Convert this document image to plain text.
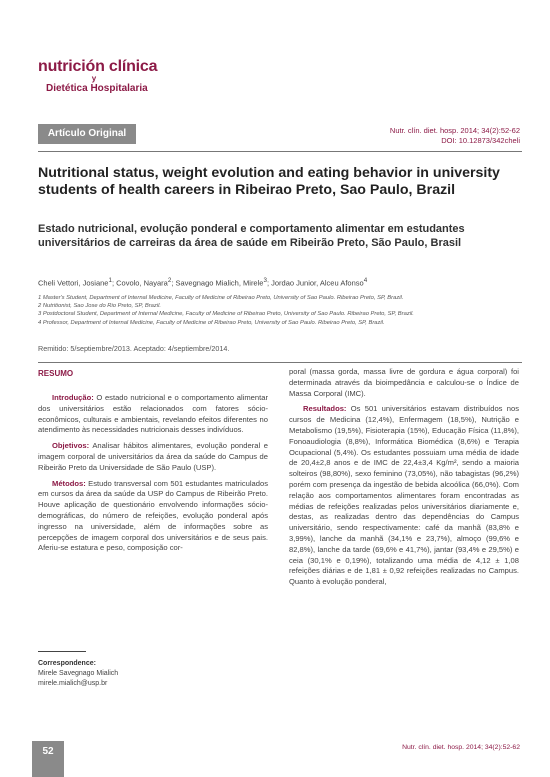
nutrición clínica
y
Dietética Hospitalaria
Artículo Original	Nutr. clín. diet. hosp. 2014; 34(2):52-62
DOI: 10.12873/342cheli
Nutritional status, weight evolution and eating behavior in university students of health careers in Ribeirao Preto, Sao Paulo, Brazil
Estado nutricional, evolução ponderal e comportamento alimentar em estudantes universitários de carreiras da área de saúde em Ribeirão Preto, São Paulo, Brasil
Cheli Vettori, Josiane$^1$; Covolo, Nayara$^2$; Savegnago Mialich, Mirele$^3$; Jordao Junior, Alceu Afonso$^4$
1 Master's Student, Department of Internal Medicine, Faculty of Medicine of Ribeirao Preto, University of Sao Paulo. Ribeirao Preto, SP, Brazil.
2 Nutritionist, Sao Jose do Rio Preto, SP, Brazil.
3 Postdoctoral Student, Department of Internal Medicine, Faculty of Medicine of Ribeirao Preto, University of Sao Paulo. Ribeirao Preto, SP, Brazil.
4 Professor, Department of Internal Medicine, Faculty of Medicine of Ribeirao Preto, University of Sao Paulo. Ribeirao Preto, SP, Brazil.
Remitido: 5/septiembre/2013. Aceptado: 4/septiembre/2014.
RESUMO

Introdução: O estado nutricional e o comportamento alimentar dos universitários estão relacionados com fatores sócio-econômicos, culturais e ambientais, revelando efeitos diferentes no atendimento às necessidades nutricionais desses indivíduos.

Objetivos: Analisar hábitos alimentares, evolução ponderal e imagem corporal de universitários da área da saúde do Campus de Ribeirão Preto da Universidade de São Paulo (USP).

Métodos: Estudo transversal com 501 estudantes matriculados em cursos da área da saúde da USP do Campus de Ribeirão Preto. Houve aplicação de questionário envolvendo informações sócio-demográficas, do número de refeições, evolução ponderal após ingresso na universidade, além de informações sobre as percepções de imagem corporal dos universitários e de seus pais. Aferiu-se estatura e peso, composição cor-

poral (massa gorda, massa livre de gordura e água corporal) foi determinada através da bioimpedância e calculou-se o Índice de Massa Corporal (IMC).

Resultados: Os 501 universitários estavam distribuídos nos cursos de Medicina (12,4%), Enfermagem (18,5%), Nutrição e Metabolismo (19,5%), Fisioterapia (15%), Educação Física (11,8%), Fonoaudiologia (8,8%), Informática Biomédica (8,6%) e Terapia Ocupacional (5,4%). Os estudantes possuiam uma média de idade de 20,4±2,8 anos e de IMC de 22,4±3,4 Kg/m², sendo a maioria solteiros (98,80%), sexo feminino (73,05%), não tabagistas (96,2%) porém com presença da ingestão de bebida alcoólica (66,0%). Com relação aos comportamentos alimentares foram encontradas as médias de refeições realizadas pelos universitários diariamente e, destas, as realizadas dentro das dependências do Campus universitário, sendo respectivamente: café da manhã (83,8% e 3,99%), lanche da manhã (34,1% e 23,7%), almoço (99,6% e 82,8%), lanche da tarde (69,6% e 41,7%), jantar (93,4% e 29,5%) e ceia (30,1% e 0,19%), totalizando uma média de 4,12 ± 1,08 refeições diárias e de 1,81 ± 0,92 refeições realizadas no Campus. Quanto à evolução ponderal,

Correspondence:
Mirele Savegnago Mialich
mirele.mialich@usp.br
52	Nutr. clín. diet. hosp. 2014; 34(2):52-62
